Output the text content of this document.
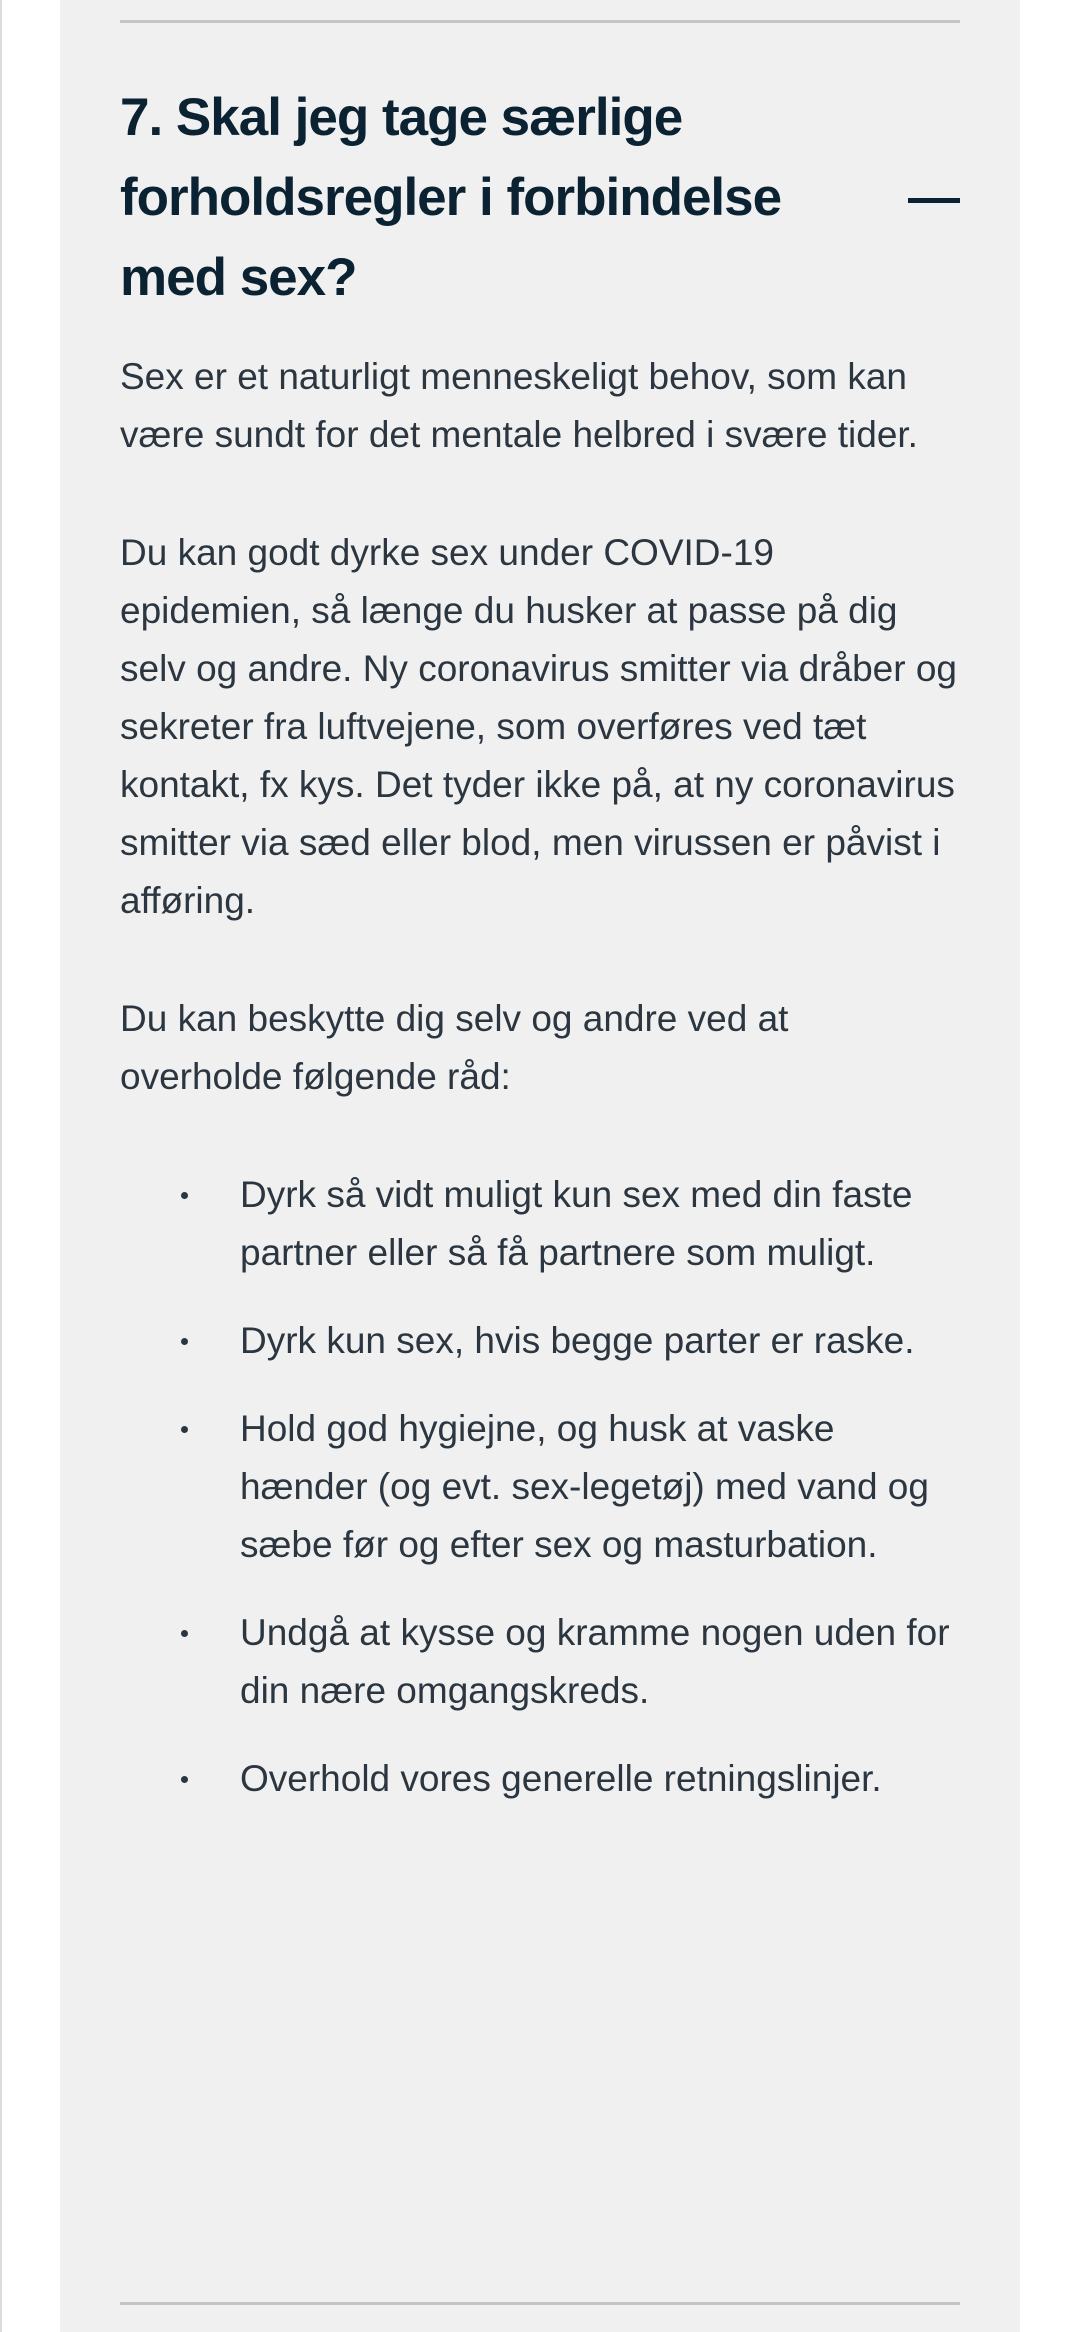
7. Skal jeg tage særlige forholdsregler i forbindelse med sex?

Sex er et naturligt menneskeligt behov, som kan være sundt for det mentale helbred i svære tider.

Du kan godt dyrke sex under COVID-19 epidemien, så længe du husker at passe på dig selv og andre. Ny coronavirus smitter via dråber og sekreter fra luftvejene, som overføres ved tæt kontakt, fx kys. Det tyder ikke på, at ny coronavirus smitter via sæd eller blod, men virussen er påvist i afføring.

Du kan beskytte dig selv og andre ved at overholde følgende råd:

Dyrk så vidt muligt kun sex med din faste partner eller så få partnere som muligt.
Dyrk kun sex, hvis begge parter er raske.
Hold god hygiejne, og husk at vaske hænder (og evt. sex-legetøj) med vand og sæbe før og efter sex og masturbation.
Undgå at kysse og kramme nogen uden for din nære omgangskreds.
Overhold vores generelle retningslinjer.
